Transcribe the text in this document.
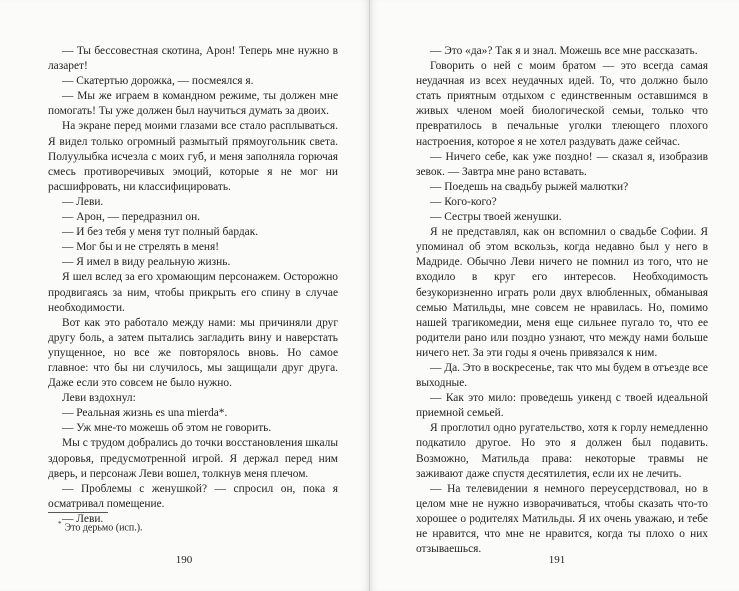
— Ты бессовестная скотина, Арон! Теперь мне нужно в лазарет!

— Скатертью дорожка, — посмеялся я.

— Мы же играем в командном режиме, ты должен мне помогать! Ты уже должен был научиться думать за двоих.

На экране перед моими глазами все стало расплываться. Я видел только огромный размытый прямоугольник света. Полуулыбка исчезла с моих губ, и меня заполняла горючая смесь противоречивых эмоций, которые я не мог ни расшифровать, ни классифицировать.

— Леви.

— Арон, — передразнил он.

— И без тебя у меня тут полный бардак.

— Мог бы и не стрелять в меня!

— Я имел в виду реальную жизнь.

Я шел вслед за его хромающим персонажем. Осторожно продвигаясь за ним, чтобы прикрыть его спину в случае необходимости.

Вот как это работало между нами: мы причиняли друг другу боль, а затем пытались загладить вину и наверстать упущенное, но все же повторялось вновь. Но самое главное: что бы ни случилось, мы защищали друг друга. Даже если это совсем не было нужно.

Леви вздохнул:

— Реальная жизнь es una mierda*.

— Уж мне-то можешь об этом не говорить.

Мы с трудом добрались до точки восстановления шкалы здоровья, предусмотренной игрой. Я держал перед ним дверь, и персонаж Леви вошел, толкнув меня плечом.

— Проблемы с женушкой? — спросил он, пока я осматривал помещение.

— Леви.

* Это дерьмо (исп.).
190

— Это «да»? Так я и знал. Можешь все мне рассказать.

Говорить о ней с моим братом — это всегда самая неудачная из всех неудачных идей. То, что должно было стать приятным отдыхом с единственным оставшимся в живых членом моей биологической семьи, только что превратилось в печальные уголки тлеющего плохого настроения, которое я не хотел раздувать даже сейчас.

— Ничего себе, как уже поздно! — сказал я, изобразив зевок. — Завтра мне рано вставать.

— Поедешь на свадьбу рыжей малютки?

— Кого-кого?

— Сестры твоей женушки.

Я не представлял, как он вспомнил о свадьбе Софии. Я упоминал об этом вскользь, когда недавно был у него в Мадриде. Обычно Леви ничего не помнил из того, что не входило в круг его интересов. Необходимость безукоризненно играть роли двух влюбленных, обманывая семью Матильды, мне совсем не нравилась. Но, помимо нашей трагикомедии, меня еще сильнее пугало то, что ее родители рано или поздно узнают, что между нами больше ничего нет. За эти годы я очень привязался к ним.

— Да. Это в воскресенье, так что мы будем в отъезде все выходные.

— Как это мило: проведешь уикенд с твоей идеальной приемной семьей.

Я проглотил одно ругательство, хотя к горлу немедленно подкатило другое. Но это я должен был подавить. Возможно, Матильда права: некоторые травмы не заживают даже спустя десятилетия, если их не лечить.

— На телевидении я немного переусердствовал, но в целом мне не нужно изворачиваться, чтобы сказать что-то хорошее о родителях Матильды. Я их очень уважаю, и тебе не нравится, что мне не нравится, когда ты плохо о них отзываешься.

191
